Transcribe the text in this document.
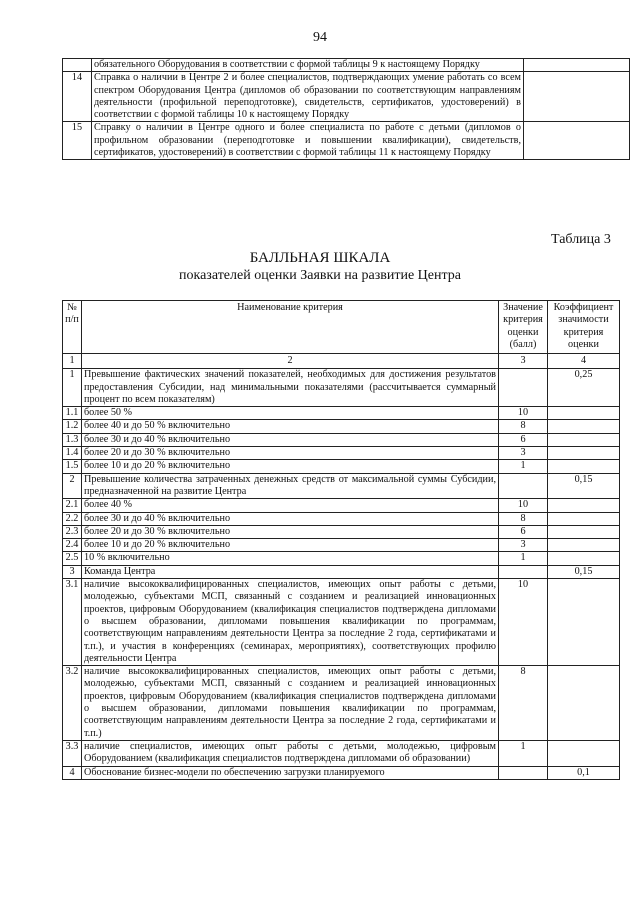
94
	обязательного Оборудования в соответствии с формой таблицы 9 к настоящему Порядку	
14	Справка о наличии в Центре 2 и более специалистов, подтверждающих умение работать со всем спектром Оборудования Центра (дипломов об образовании по соответствующим направлениям деятельности (профильной переподготовке), свидетельств, сертификатов, удостоверений) в соответствии с формой таблицы 10 к настоящему Порядку	
15	Справку о наличии в Центре одного и более специалиста по работе с детьми (дипломов о профильном образовании (переподготовке и повышении квалификации), свидетельств, сертификатов, удостоверений) в соответствии с формой таблицы 11 к настоящему Порядку	
Таблица 3
БАЛЛЬНАЯ ШКАЛА
показателей оценки Заявки на развитие Центра
№ п/п	Наименование критерия	Значение критерия оценки (балл)	Коэффициент значимости критерия оценки
1	2	3	4
1	Превышение фактических значений показателей, необходимых для достижения результатов предоставления Субсидии, над минимальными показателями (рассчитывается суммарный процент по всем показателям)		0,25
1.1	более 50 %	10	
1.2	более 40 и до 50 % включительно	8	
1.3	более 30 и до 40 % включительно	6	
1.4	более 20 и до 30 % включительно	3	
1.5	более 10 и до 20 % включительно	1	
2	Превышение количества затраченных денежных средств от максимальной суммы Субсидии, предназначенной на развитие Центра		0,15
2.1	более 40 %	10	
2.2	более 30 и до 40 % включительно	8	
2.3	более 20 и до 30 % включительно	6	
2.4	более 10 и до 20 % включительно	3	
2.5	10 % включительно	1	
3	Команда Центра		0,15
3.1	наличие высококвалифицированных специалистов, имеющих опыт работы с детьми, молодежью, субъектами МСП, связанный с созданием и реализацией инновационных проектов, цифровым Оборудованием (квалификация специалистов подтверждена дипломами о высшем образовании, дипломами повышения квалификации по программам, соответствующим направлениям деятельности Центра за последние 2 года, сертификатами и т.п.), и участия в конференциях (семинарах, мероприятиях), соответствующих профилю деятельности Центра	10	
3.2	наличие высококвалифицированных специалистов, имеющих опыт работы с детьми, молодежью, субъектами МСП, связанный с созданием и реализацией инновационных проектов, цифровым Оборудованием (квалификация специалистов подтверждена дипломами о высшем образовании, дипломами повышения квалификации по программам, соответствующим направлениям деятельности Центра за последние 2 года, сертификатами и т.п.)	8	
3.3	наличие специалистов, имеющих опыт работы с детьми, молодежью, цифровым Оборудованием (квалификация специалистов подтверждена дипломами об образовании)	1	
4	Обоснование бизнес-модели по обеспечению загрузки планируемого		0,1
